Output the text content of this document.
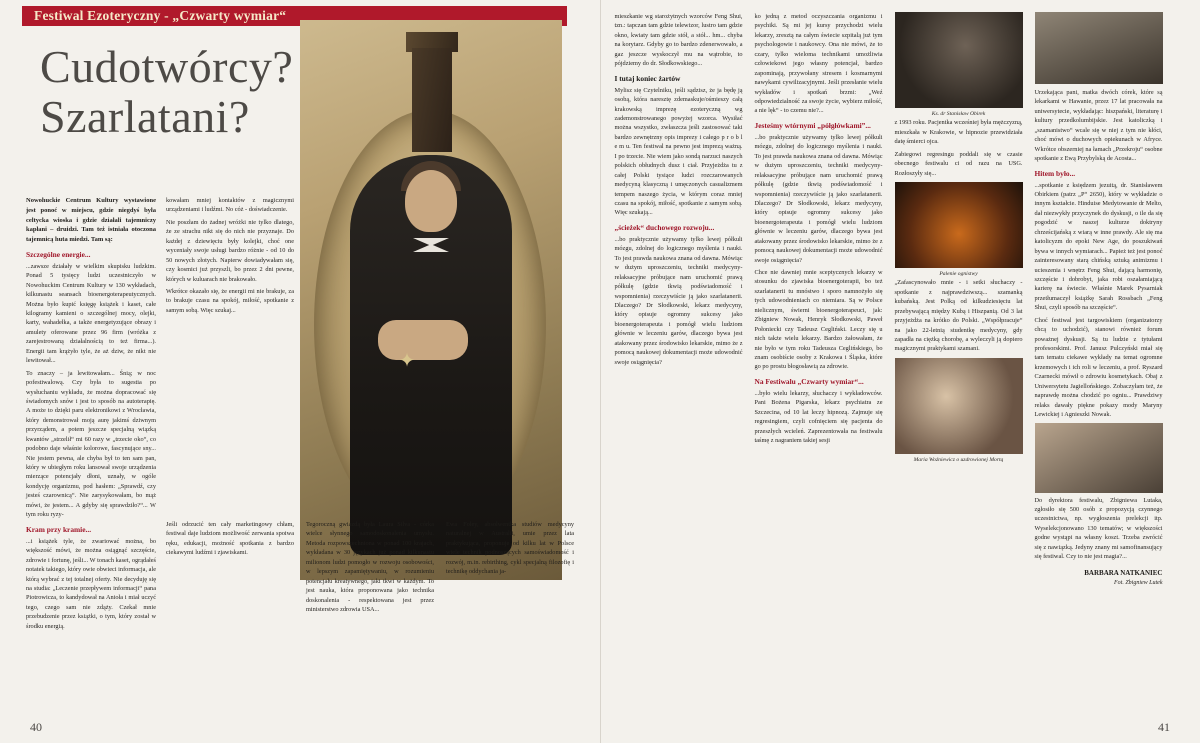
Festiwal Ezoteryczny - „Czwarty wymiar“
Cudotwórcy?
Szarlatani?
✦

Nowohuckie Centrum Kultury wystawione jest ponoć w miejscu, gdzie niegdyś była celtycka wioska i gdzie działali tajemniczy kapłani – druidzi. Tam też istniała otoczona tajemnicą huta miedzi. Tam są:

Szczególne energie...

...zawsze działały w wielkim skupisku ludzkim. Ponad 5 tysięcy ludzi uczestniczyło w Nowohuckim Centrum Kultury w 130 wykładach, kilkunastu seansach bioenergoterapeutycznych. Można było kupić księgę książek i kaset, całe kilogramy kamieni o szczególnej mocy, olejki, karty, wahadełka, a także energetyzujące obrazy i amulety oferowane przez 96 firm (wróżka z zarejestrowaną działalnością to też firma...). Energii tam krążyło tyle, że aż dziw, że nikt nie lewitował...

To znaczy – ja lewitowałam... Śnią; w noc pofestiwalową. Czy była to sugestia po wysłuchaniu wykładu, że można dopracować się świadomych snów i jest to sposób na autoterapię. A może to dzięki paru elektronikowi z Wrocławia, który demonstrował moją aurę jakimś dziwnym przyrządem, a potem jeszcze specjalną wiązką kwantów „strzelił“ mi 60 razy w „trzecie oko“, co podobno daje właśnie kolorowe, fascynujące sny... Nie jestem pewna, ale chyba był to ten sam pan, który w ubiegłym roku lansował swoje urządzenia mierzące potencjały dłoni, uznały, w ogóle kondycję organizmu, pod hasłem: „Sprawdź, czy jesteś czarownicą“. Nie zarysykowałam, bo mąż mówi, że jestem... A gdyby się sprawdziło?“... W tym roku ryzy-

Kram przy kramie...

...i książek tyle, że zwariować można, bo większość mówi, że można osiągnąć szczęście, zdrowie i fortunę, jeśli... W tonach kaset, ogrądałeś notatek takiego, który owie obwieci informacja, ale którą wybrać z tej totalnej oferty. Nie decyduję się na studia: „Leczenie przepływem informacji“ pana Piotrowicza, to kandydował na Anioła i miał uczyć tego, czego sam nie zdąży. Czekał mnie przebudzenie przez książki, o tym, który został w środku energią.

kowałam mniej kontaktów z magicznymi urządzeniami i ludźmi. No cóż - doświadczenie.

Nie poszłam do żadnej wróżki nie tylko dlatego, że ze strachu nikt się do nich nie przyznaje. Do każdej z dziewięciu były kolejki, choć one wyceniały swoje usługi bardzo różnie - od 10 do 50 nowych złotych. Napierw dowiadywałam się, czy kosmici już przyszli, bo przez 2 dni pewne, których w kuluarach nie brakowało.

Wkrótce okazało się, że energii mi nie brakuje, za to brakuje czasu na spokój, miłość, spotkanie z samym sobą. Więc szukaj...

Jeśli odrzucić ten cały marketingowy chłam, festiwal daje ludziom możliwość zerwania spoiwa ręku, edukacji, możność spotkania z bardzo ciekawymi ludźmi i zjawiskami.

Tegoroczną gwiazdą była Laura Silva - córka wielce słynnego samodoskonalenia umysłu. Metoda rozpowszechniona w ponad 100 krajach, wykładana w 30 językach już ponad kilkunastu milionom ludzi pomogło w rozwoju osobowości, w lepszym zapamiętywaniu, w rozumieniu potencjału kreatywnego, jaki tkwi w każdym. To jest nauka, która proponowana jako technika doskonalenia - respektowana jest przez ministerstwo zdrowia USA...

Ewa Foley, absolwentka studiów medycyny naturalnej w Australii, umie przez lata praktykująca, proponuje od kilku lat w Polsce wiele technik podnoszących samoświadomość i rozwój, m.in. rebirthing, cykl specjalną filozofię i technikę oddychania ja-

40

mieszkanie wg starożytnych wzorców Feng Shui, tzn.: tapczan tam gdzie telewizor, lustro tam gdzie okno, kwiaty tam gdzie stół, a stół... hm... chyba na korytarz. Gdyby go to bardzo zdenerwowało, a gaz jeszcze wyskoczył mu na wątrobie, to pójdziemy do dr. Słodkowskiego...

I tutaj koniec żartów

Mylisz się Czytelniku, jeśli sądzisz, że ja będę ją osobą, która naresztę zdemaskuje/ośmieszy całą krakowską imprezę ezoteryczną wg zademonstrowanego powyżej wzorca. Wysiłać można wszystko, zwłaszcza jeśli zastosować taki bardzo zewnętrzny opis imprezy i całego p r o b l e m u. Ten festiwal na pewno jest imprezą ważną. I po trzecie. Nie wiem jako sondą narzuci naszych polskich obłudnych dusz i ciał. Przyjeżdża tu z całej Polski tysiące ludzi rozczarowanych medycyną klasyczną i umęczonych casualizmem tempem naszego życia, w którym coraz mniej czasu na spokój, miłość, spotkanie z samym sobą. Więc szukają...

„ścieżek“ duchowego rozwoju...

...bo praktycznie używamy tylko lewej półkuli mózgu, zdolnej do logicznego myślenia i nauki. To jest prawda naukowa znana od dawna. Mówiąc w dużym uproszczeniu, techniki medycyny-relaksacyjne próbujące nam uruchomić prawą półkulę (gdzie tkwią podświadomość i wspomnienia) rzeczywiście ją jako szarlatanerii. Dlaczego? Dr Słodkowski, lekarz medycyny, który opisuje ogromny sukcesy jako bioenergoterapeuta i pomógł wielu ludziom głównie w leczeniu garów, dlaczego bywa jest atakowany przez środowisko lekarskie, mimo że z pomocą naukowej dokumentacji może udowodnić swoje osiągnięcia?

ko jedną z metod oczyszczania organizmu i psychiki. Są mi jej kursy przychodzi wielu lekarzy, zresztą na całym świecie szpitalą już tym psychologowie i naukowcy. Ona nie mówi, że to czary, tylko wieloma technikami umożliwia człowiekowi jego własny potencjał, bardzo zapominają, przywołany stresem i kosmarnymi nawykami cywilizacyjnymi. Jeśli przesłanie wielu wykładów i spotkań brzmi: „Weź odpowiedzialność za swoje życie, wybierz miłość, a nie lęk“ - to czemu nie?...

Jesteśmy wtórnymi „półgłówkami”...

...bo praktycznie używamy tylko lewej półkuli mózgu, zdolnej do logicznego myślenia i nauki. To jest prawda naukowa znana od dawna. Mówiąc w dużym uproszczeniu, techniki medycyny-relaksacyjne próbujące nam uruchomić prawą półkulę (gdzie tkwią podświadomość i wspomnienia) rzeczywiście ją jako szarlatanerii. Dlaczego? Dr Słodkowski, lekarz medycyny, który opisuje ogromny sukcesy jako bioenergoterapeuta i pomógł wielu ludziom głównie w leczeniu garów, dlaczego bywa jest atakowany przez środowisko lekarskie, mimo że z pomocą naukowej dokumentacji może udowodnić swoje osiągnięcia?

Chce nie dawniej mnie sceptycznych lekarzy w stosunku do zjawiska bioenergoterapii, bo też szarlatanerii tu mnóstwo i sporo namnożyło się tych udowodnieniach co niemiara. Są w Polsce nielicznym, świerni bioenergoterapeuci, jak: Zbigniew Nowak, Henryk Słodkowski, Paweł Połoniecki czy Tadeusz Cegliński. Leczy się u nich także wielu lekarzy. Bardzo żałowałam, że nie było w tym roku Tadeusza Ceglińskiego, bo znam osobiście osoby z Krakowa i Śląska, które go po prostu błogosławią za zdrowie.

Na Festiwalu „Czwarty wymiar“...

...było wielu lekarzy, słuchaczy i wykładowców. Pani Bożena Pigarska, lekarz psychiatra ze Szczecina, od 10 lat leczy hipnozą. Zajmuje się regresingiem, czyli cofnięciem się pacjenta do przeszłych wcieleń. Zaprezentowała na festiwalu taśmę z nagraniem takiej sesji

Ks. dr Stanisław Obirek

z 1993 roku. Pacjentka wcześniej była mężczyzną, mieszkała w Krakowie, w hipnozie przewidziała datę śmierci ojca.

Zabiegowi regresingu poddali się w czasie obecnego festiwalu ci od razu na USG. Rozłoszyły się...

Palenie ognistwy

„Zafascynowało mnie - i setki słuchaczy - spotkanie z najprawdziwszą... szamanką kubańską. Jest Polką od kilkudziesięciu lat przebywającą między Kubą i Hiszpanią. Od 3 lat przyjeżdża na krótko do Polski. „Współpracuje“ na jako 22-letnią studentkę medycyny, gdy zapadła na ciężką chorobę, a wyleczyli ją dopiero magicznymi praktykami szamani.

Maria Woźniewicz o uzdrowionej Mortą

Urzekająca pani, matka dwóch córek, które są lekarkami w Hawanie, przez 17 lat pracowała na uniwersytecie, wykładając: hiszpański, literaturę i kultury przedkolumbijskie. Jest katoliczką i „szamanistwo“ wcale się w niej z tym nie kłóci, choć mówi o duchowych opiekunach w Afryce. Wkrótce obszerniej na łamach „Przekroju“ osobne spotkanie z Ewą Przybylską de Acosta...

Hitem było...

...spotkanie z księdzem jezuitą, dr. Stanisławem Obirkiem (patrz „P“ 2650), który w wykładzie o innym kształcie. Hinduise Medytowanie dr Melto, dał niezwykły przyczynek do dyskusji, o ile da się pogodzić w naszej kulturze doktryny chrześcijańską z wiarą w inne prawdy. Ale się ma katolicyzm do epoki New Age, do poszukiwań bywa w innych wymiarach... Papież też jest ponoć zainteresowany starą chińską sztuką animizmu i ucieszenia i wnętrz Feng Shui, dającą harmonię, szczęście i dobrobyt, jaka robi oszałamiającą karierę na świecie. Właśnie Marek Pysarniak przetłumaczył książkę Sarah Rossbach „Feng Shui, czyli sposób na szczęście“.

Choć festiwal jest targowiskiem (organizatorzy chcą to uchodzić), stanowi również forum poważnej dyskusji. Są tu ludzie z tytułami profesorskimi. Prof. Janusz Pulczyński miał się tam tematu ciekawe wykłady na temat ogromne krzemowych i ich roli w leczeniu, a prof. Ryszard Czarnecki mówił o zdrowiu kosmetykach. Obaj z Uniwersytetu Jagiellońskiego. Zobaczyłam też, że naprawdę można chodzić po ogniu... Prawdziwy relaks dawały piękne pokazy mody Maryny Lewickiej i Agnieszki Nowak.

Do dyrektora festiwalu, Zbigniewa Lutaka, zgłosiło się 500 osób z propozycją czynnego uczestnictwa, np. wygłoszenia prelekcji itp. Wyselekcjonowano 130 tematów; w większości godne wystąpi na własny koszt. Trzeba zwrócić się z nawiązką. Jedyny znany mi samofinansujący się festiwal. Czy to nie jest magia?...

BARBARA NATKANIEC
Fot. Zbigniew Lutek
41
